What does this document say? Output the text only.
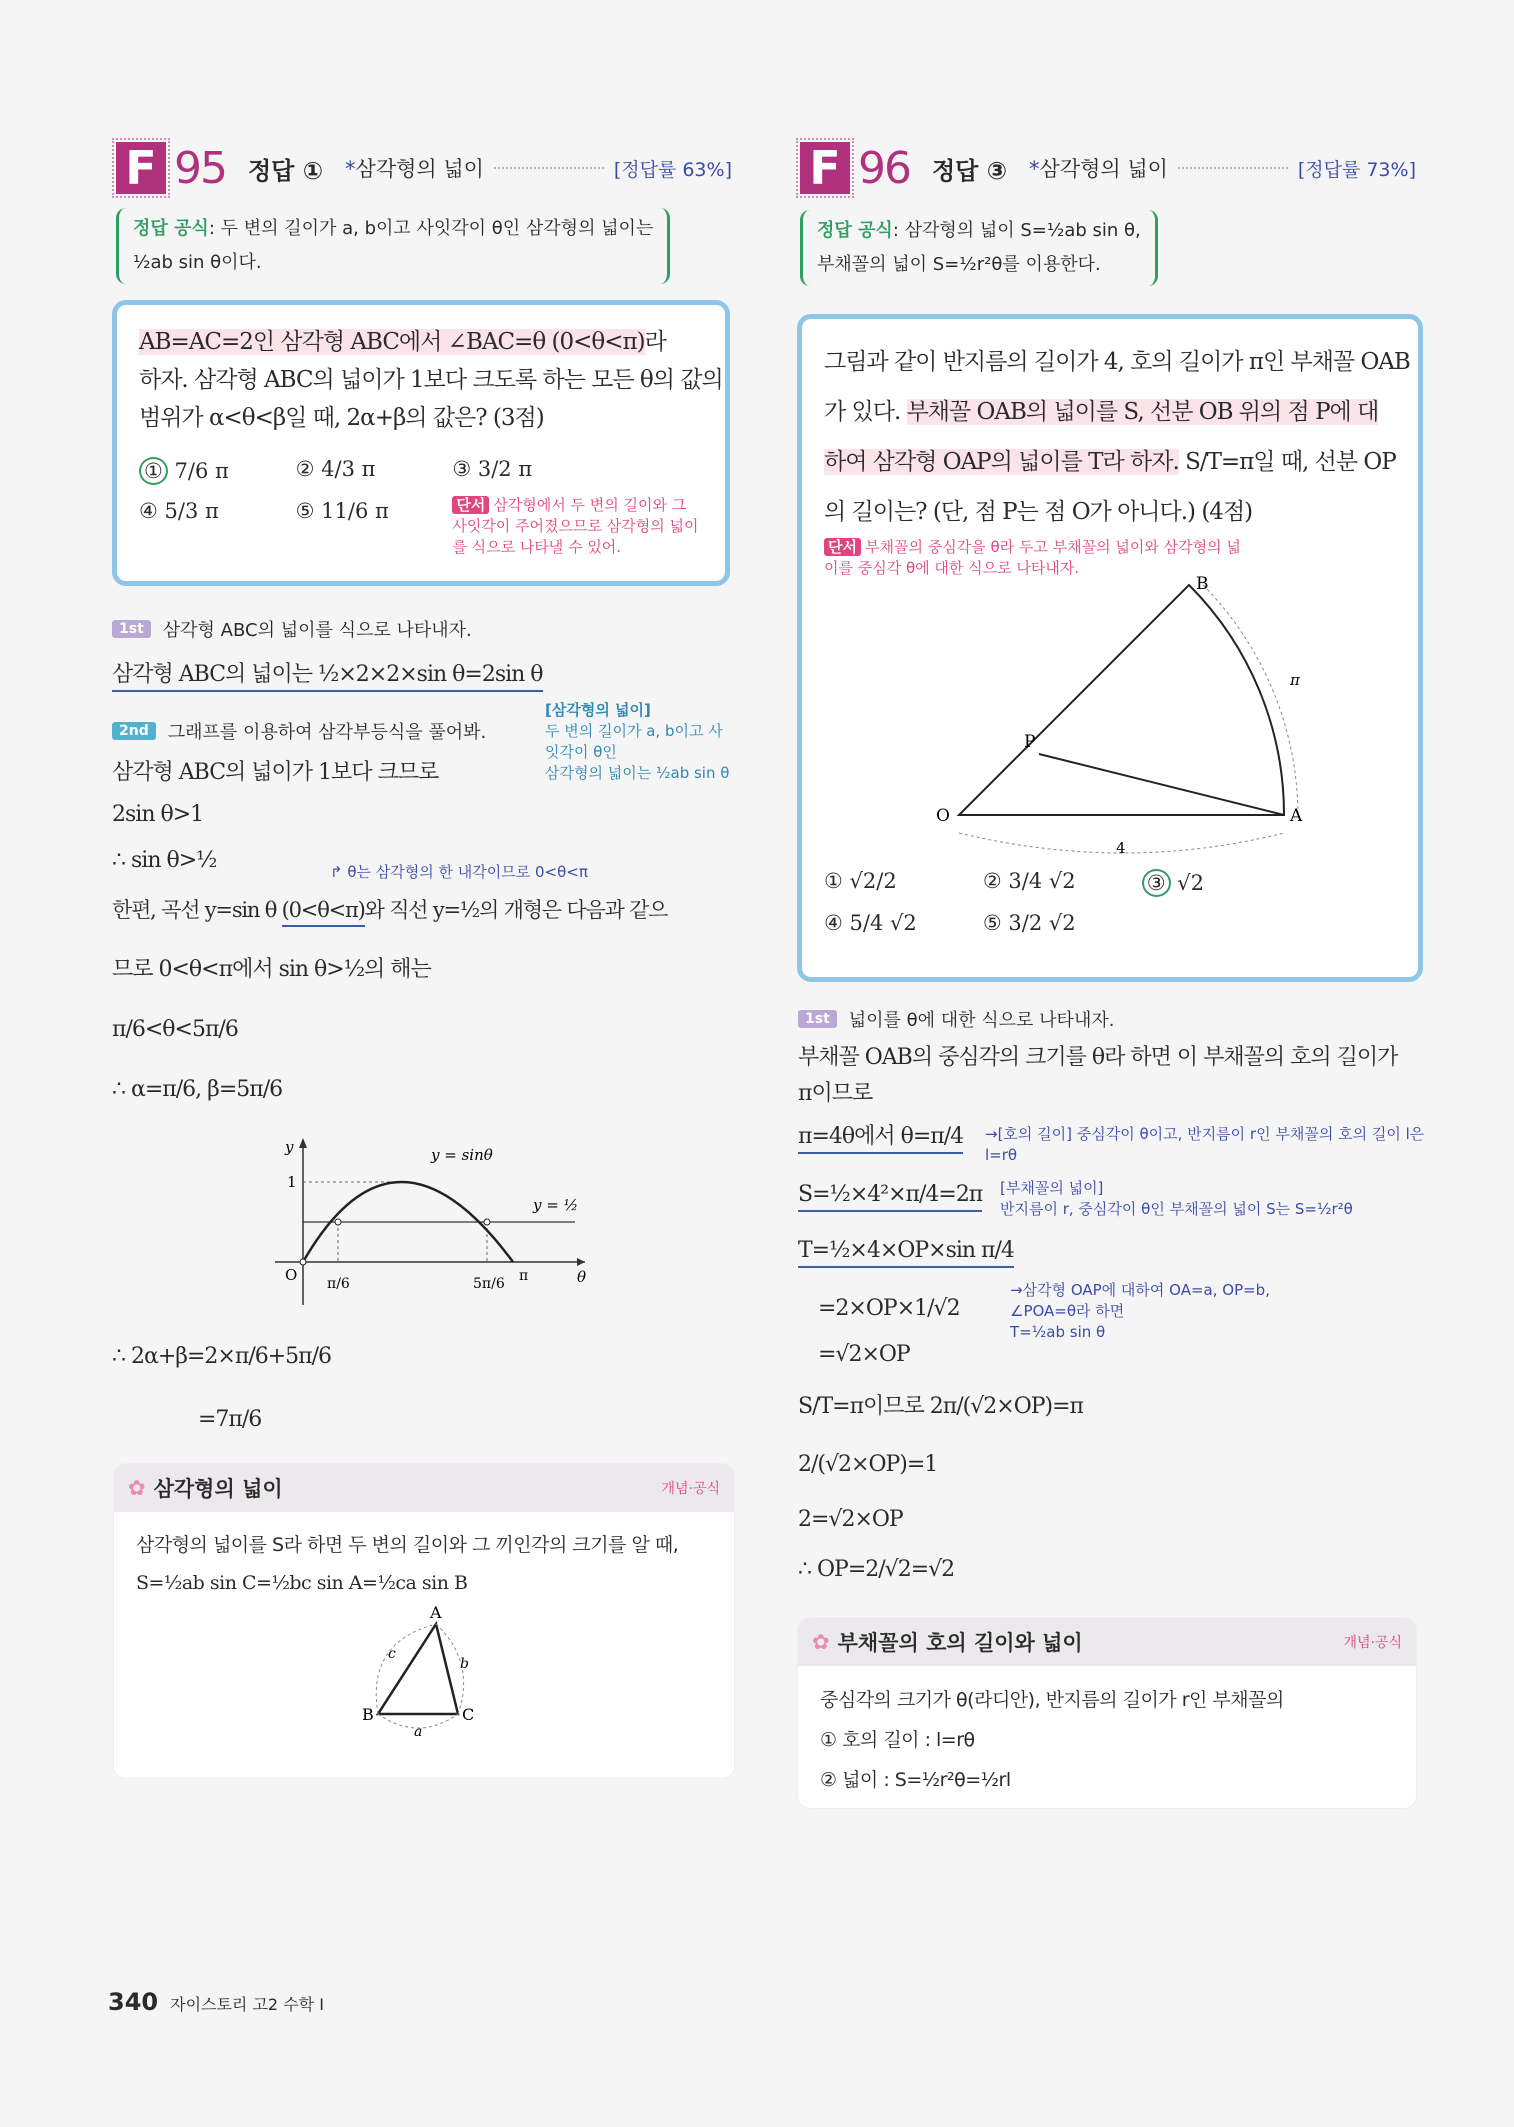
F 95 정답 ① *삼각형의 넓이	[정답률 63%]
정답 공식: 두 변의 길이가 a, b이고 사잇각이 θ인 삼각형의 넓이는
½ab sin θ이다.
AB=AC=2인 삼각형 ABC에서 ∠BAC=θ (0<θ<π)라
하자. 삼각형 ABC의 넓이가 1보다 크도록 하는 모든 θ의 값의
범위가 α<θ<β일 때, 2α+β의 값은? (3점)
① 7/6 π	② 4/3 π	③ 3/2 π
④ 5/3 π	⑤ 11/6 π	단서 삼각형에서 두 변의 길이와 그 사잇각이 주어졌으므로 삼각형의 넓이를 식으로 나타낼 수 있어.
1st	삼각형 ABC의 넓이를 식으로 나타내자.
삼각형 ABC의 넓이는 ½×2×2×sin θ=2sin θ
[삼각형의 넓이]
두 변의 길이가 a, b이고 사잇각이 θ인
삼각형의 넓이는 ½ab sin θ
2nd	그래프를 이용하여 삼각부등식을 풀어봐.
삼각형 ABC의 넓이가 1보다 크므로
2sin θ>1
∴ sin θ>½	↱ θ는 삼각형의 한 내각이므로 0<θ<π
한편, 곡선 y=sin θ (0<θ<π)와 직선 y=½의 개형은 다음과 같으
므로 0<θ<π에서 sin θ>½의 해는
π/6<θ<5π/6
∴ α=π/6, β=5π/6
y
θ
O
1
y = sinθ
y = ½
π/6	5π/6 π
∴ 2α+β=2×π/6+5π/6
=7π/6
✿ 삼각형의 넓이	개념·공식
삼각형의 넓이를 S라 하면 두 변의 길이와 그 끼인각의 크기를 알 때,
S=½ab sin C=½bc sin A=½ca sin B
A
B	C
a
b
c
F 96 정답 ③ *삼각형의 넓이	[정답률 73%]
정답 공식: 삼각형의 넓이 S=½ab sin θ,
부채꼴의 넓이 S=½r²θ를 이용한다.
그림과 같이 반지름의 길이가 4, 호의 길이가 π인 부채꼴 OAB
가 있다. 부채꼴 OAB의 넓이를 S, 선분 OB 위의 점 P에 대
하여 삼각형 OAP의 넓이를 T라 하자. S/T=π일 때, 선분 OP
의 길이는? (단, 점 P는 점 O가 아니다.) (4점)
단서 부채꼴의 중심각을 θ라 두고 부채꼴의 넓이와 삼각형의 넓이를 중심각 θ에 대한 식으로 나타내자.
O	A
B
P
4
π
① √2/2	② 3/4 √2	③ √2
④ 5/4 √2	⑤ 3/2 √2
1st	넓이를 θ에 대한 식으로 나타내자.
부채꼴 OAB의 중심각의 크기를 θ라 하면 이 부채꼴의 호의 길이가
π이므로
π=4θ에서 θ=π/4 →[호의 길이] 중심각이 θ이고, 반지름이 r인 부채꼴의 호의 길이 l은
l=rθ
S=½×4²×π/4=2π [부채꼴의 넓이]
반지름이 r, 중심각이 θ인 부채꼴의 넓이 S는 S=½r²θ
T=½×4×OP×sin π/4
=2×OP×1/√2
=√2×OP
→삼각형 OAP에 대하여 OA=a, OP=b,
∠POA=θ라 하면
T=½ab sin θ
S/T=π이므로 2π/(√2×OP)=π
2/(√2×OP)=1
2=√2×OP
∴ OP=2/√2=√2
✿ 부채꼴의 호의 길이와 넓이	개념·공식
중심각의 크기가 θ(라디안), 반지름의 길이가 r인 부채꼴의
① 호의 길이 : l=rθ
② 넓이 : S=½r²θ=½rl
340 자이스토리 고2 수학 Ⅰ
